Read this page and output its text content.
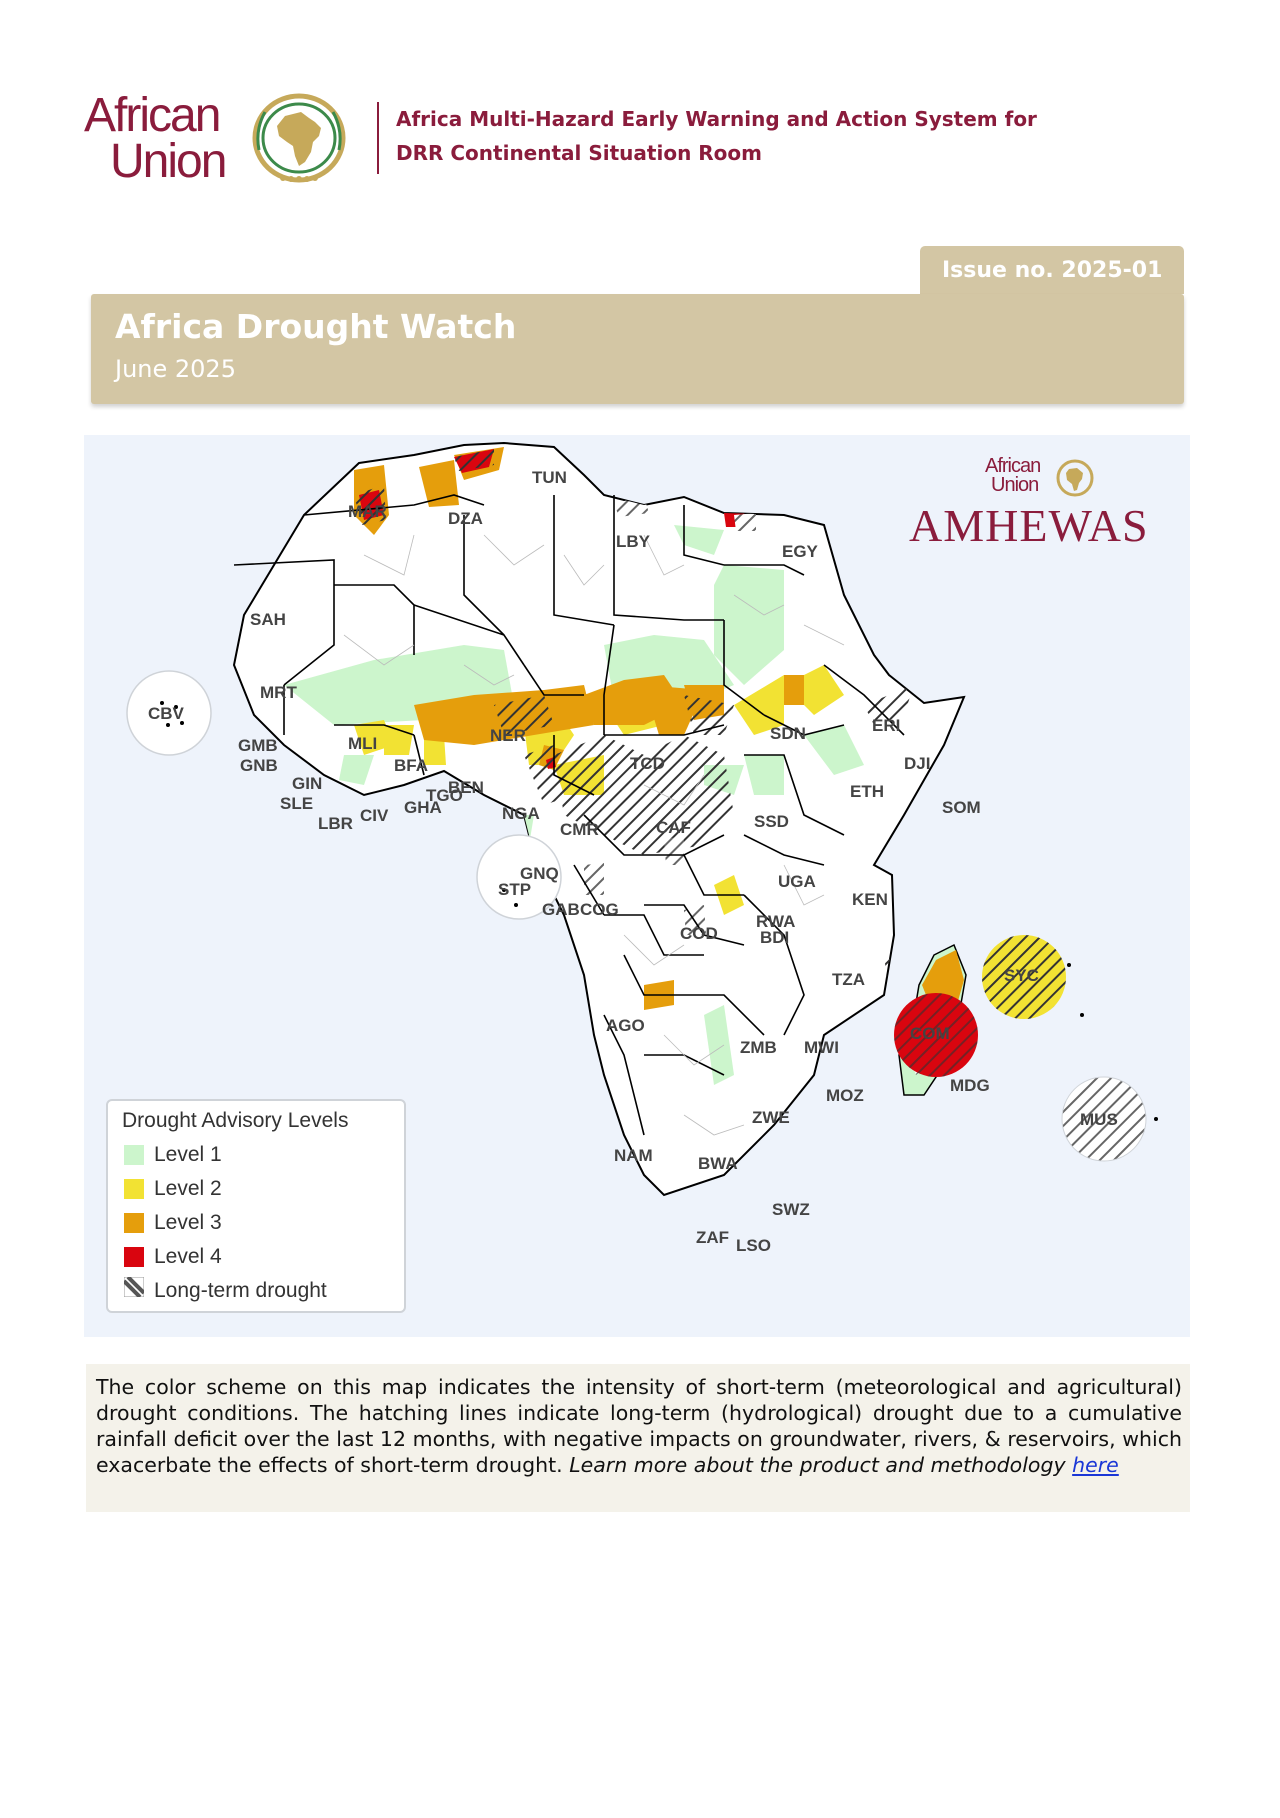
African
Union
Africa Multi-Hazard Early Warning and Action System for
DRR Continental Situation Room
Issue no. 2025-01
Africa Drought Watch
June 2025
TUN
MAR	DZA
LBY
EGY
SAH
MRT
CBV
GMB
GNB
MLI	NER	SDN	ERI
DJI
TCD
BFA
BEN
GIN
SLE	TGO
GHA
LBR CIV	NGA
CMR	CAF	SSD
ETH
SOM
GNQ
STP
GAB COG
UGA
KEN
RWA
BDI
COD
TZA	SYC
AGO
ZMB MWI
COM
MDG
MOZ
ZWE	MUS
NAM	BWA
SWZ
ZAF LSO
African
Union
AMHEWAS
Drought Advisory Levels
Level 1
Level 2
Level 3
Level 4
Long-term drought
The color scheme on this map indicates the intensity of short-term (meteorological and agricultural) drought conditions. The hatching lines indicate long-term (hydrological) drought due to a cumulative rainfall deficit over the last 12 months, with negative impacts on groundwater, rivers, & reservoirs, which exacerbate the effects of short-term drought. Learn more about the product and methodology here
